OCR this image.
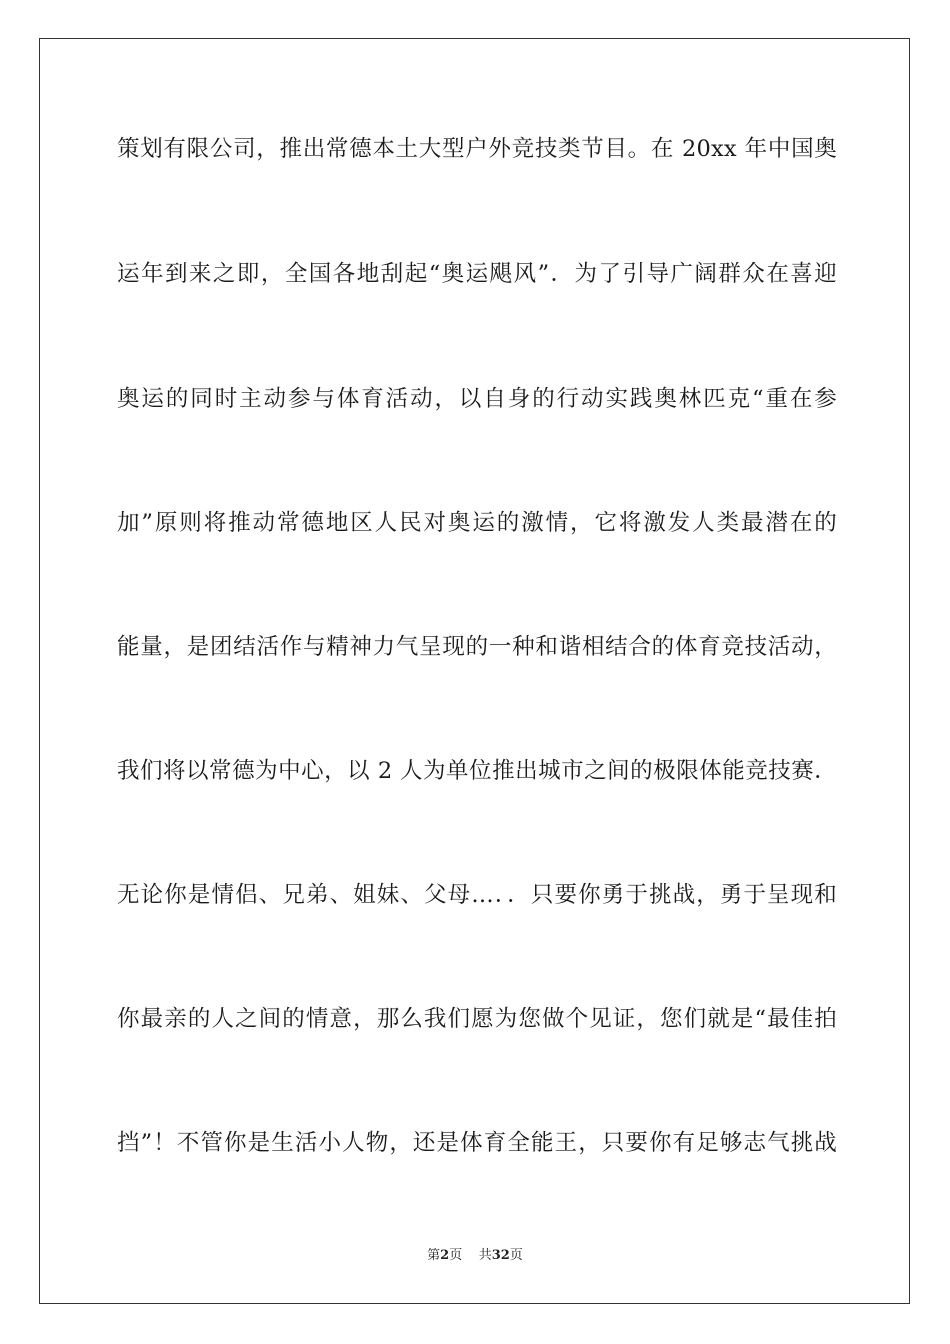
策划有限公司，推出常德本土大型户外竞技类节目。在 20xx 年中国奥
运年到来之即，全国各地刮起“奥运飓风”．为了引导广阔群众在喜迎
奥运的同时主动参与体育活动，以自身的行动实践奥林匹克“重在参
加”原则将推动常德地区人民对奥运的激情，它将激发人类最潜在的
能量，是团结活作与精神力气呈现的一种和谐相结合的体育竞技活动，
我们将以常德为中心，以 2 人为单位推出城市之间的极限体能竞技赛．
无论你是情侣、兄弟、姐妹、父母…．．只要你勇于挑战，勇于呈现和
你最亲的人之间的情意，那么我们愿为您做个见证，您们就是“最佳拍
挡”！不管你是生活小人物，还是体育全能王，只要你有足够志气挑战
第2页 共32页
